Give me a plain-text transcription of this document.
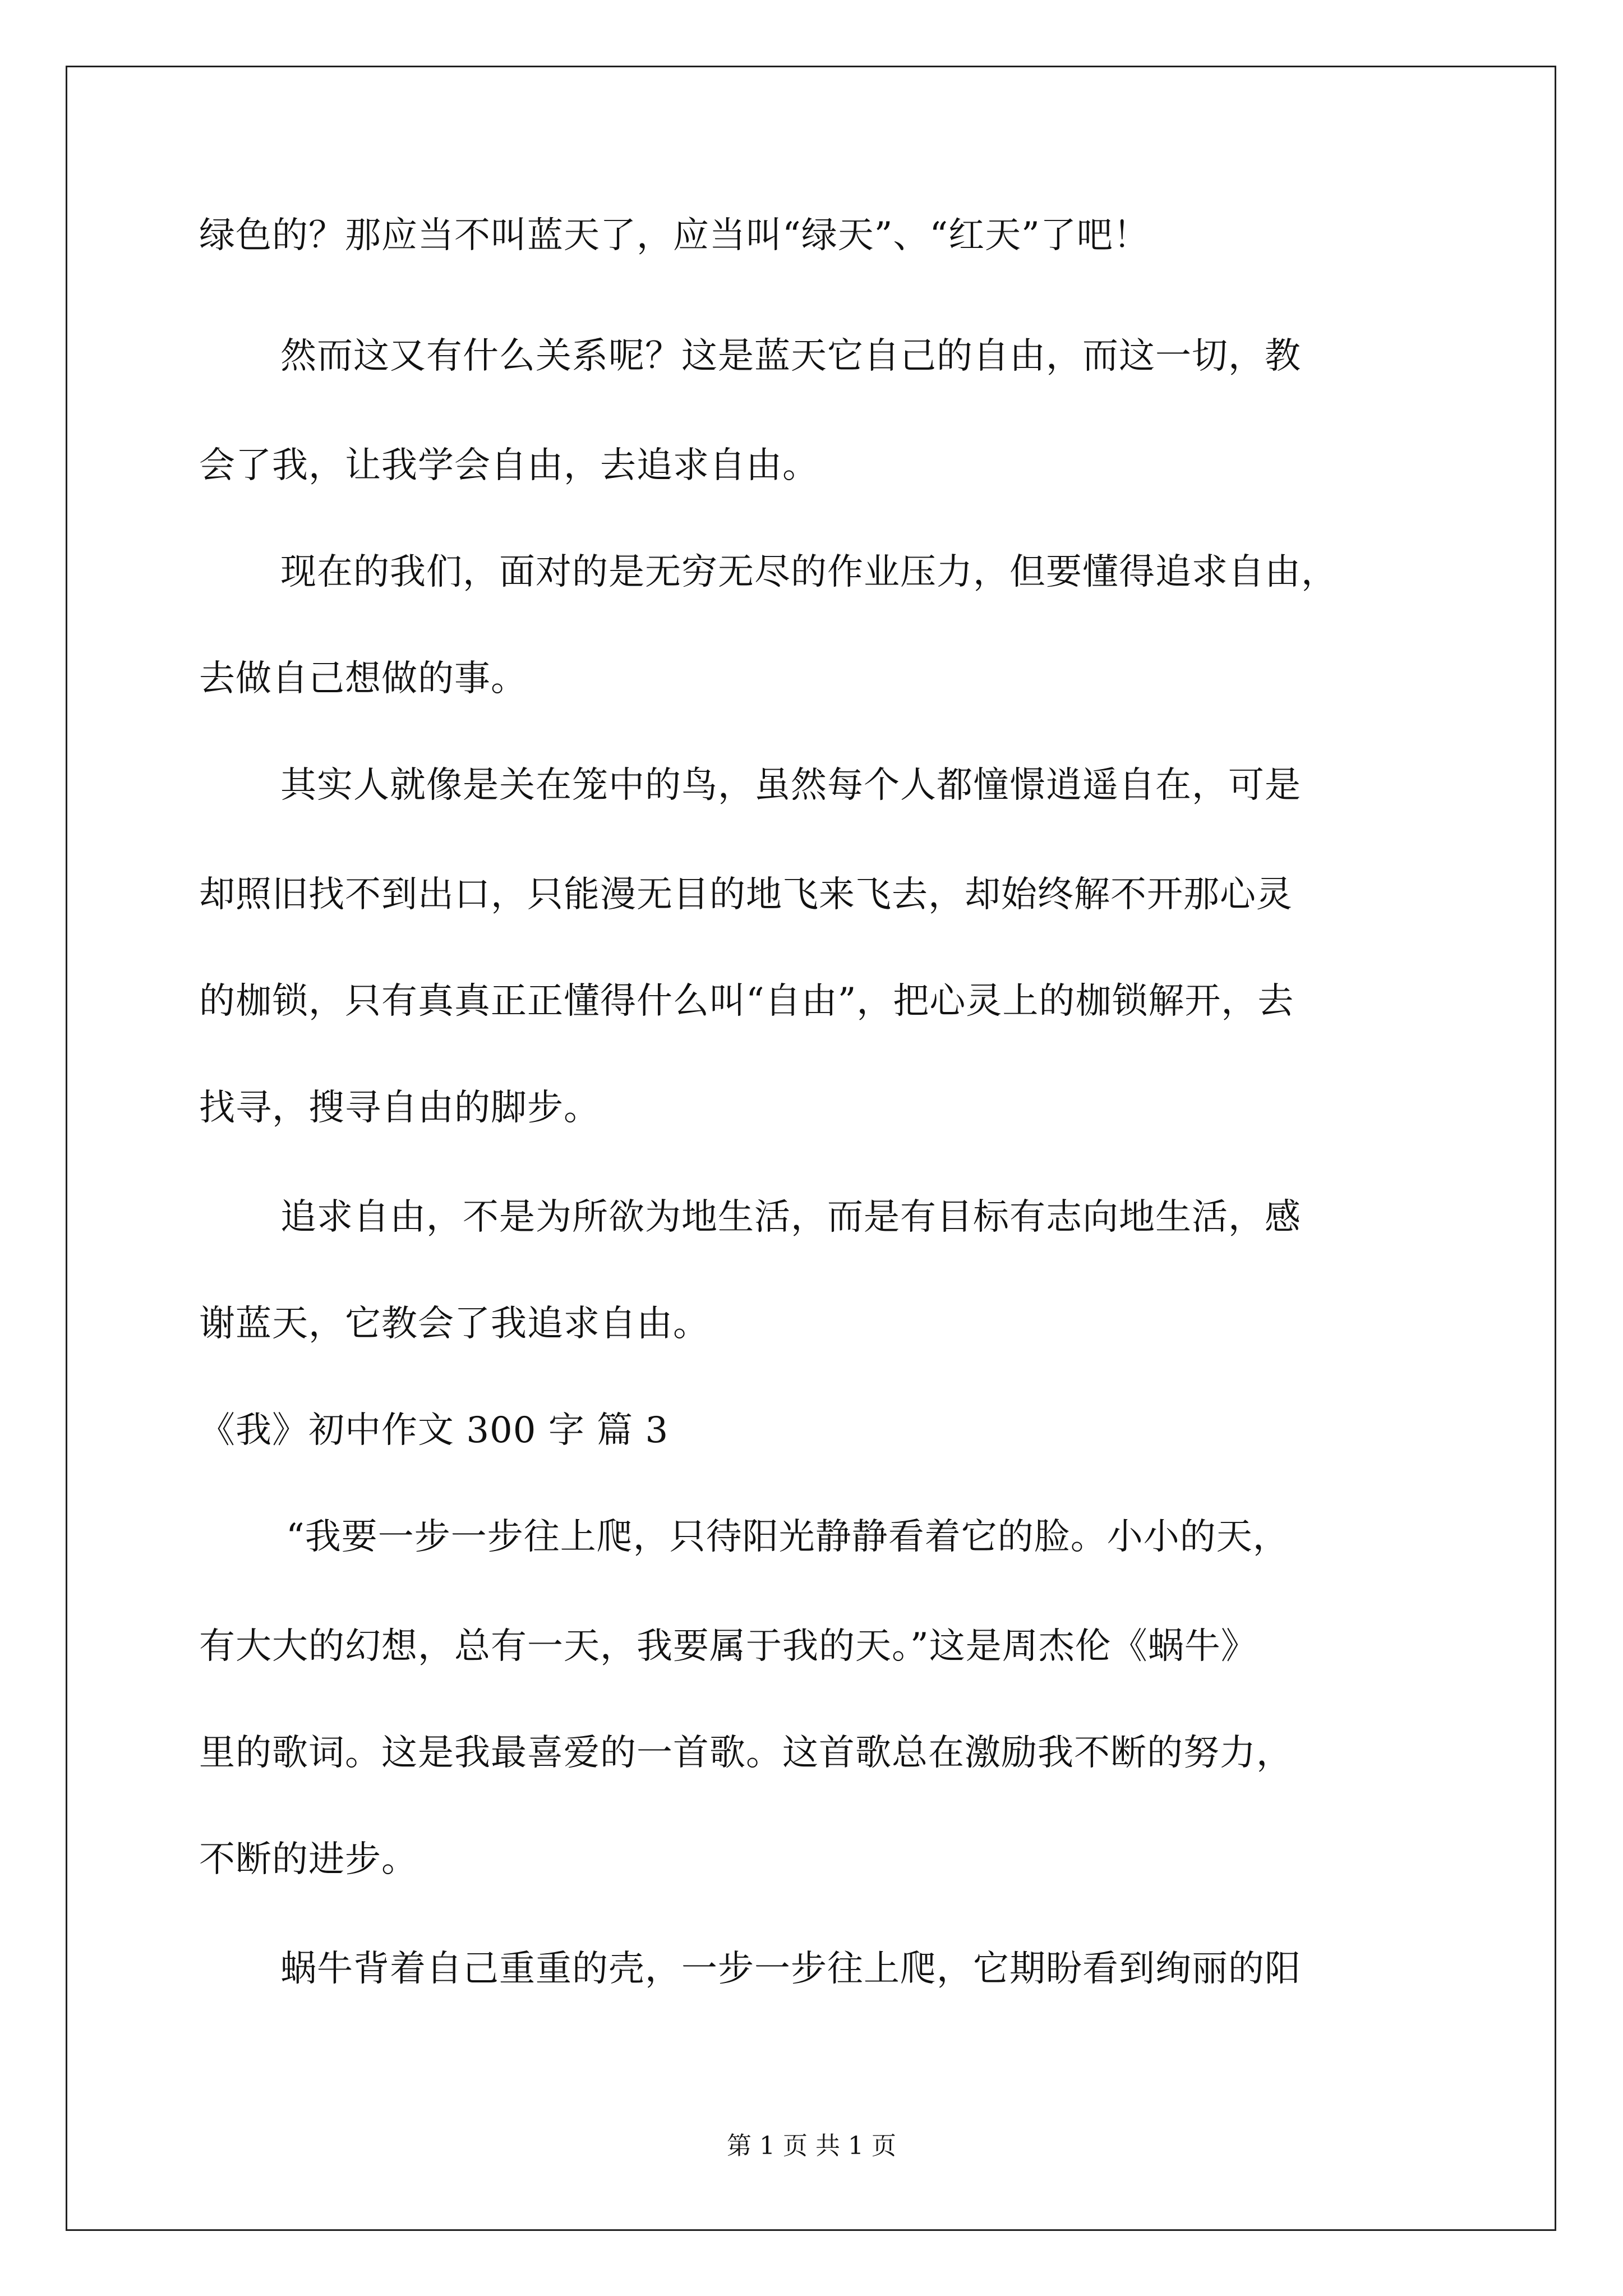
绿色的？那应当不叫蓝天了，应当叫“绿天”、“红天”了吧！
然而这又有什么关系呢？这是蓝天它自己的自由，而这一切，教
会了我，让我学会自由，去追求自由。
现在的我们，面对的是无穷无尽的作业压力，但要懂得追求自由，
去做自己想做的事。
其实人就像是关在笼中的鸟，虽然每个人都憧憬逍遥自在，可是
却照旧找不到出口，只能漫无目的地飞来飞去，却始终解不开那心灵
的枷锁，只有真真正正懂得什么叫“自由”，把心灵上的枷锁解开，去
找寻，搜寻自由的脚步。
追求自由，不是为所欲为地生活，而是有目标有志向地生活，感
谢蓝天，它教会了我追求自由。
《我》初中作文 300 字 篇 3
“我要一步一步往上爬，只待阳光静静看着它的脸。小小的天，
有大大的幻想，总有一天，我要属于我的天。”这是周杰伦《蜗牛》
里的歌词。这是我最喜爱的一首歌。这首歌总在激励我不断的努力，
不断的进步。
蜗牛背着自己重重的壳，一步一步往上爬，它期盼看到绚丽的阳
第 1 页 共 1 页
